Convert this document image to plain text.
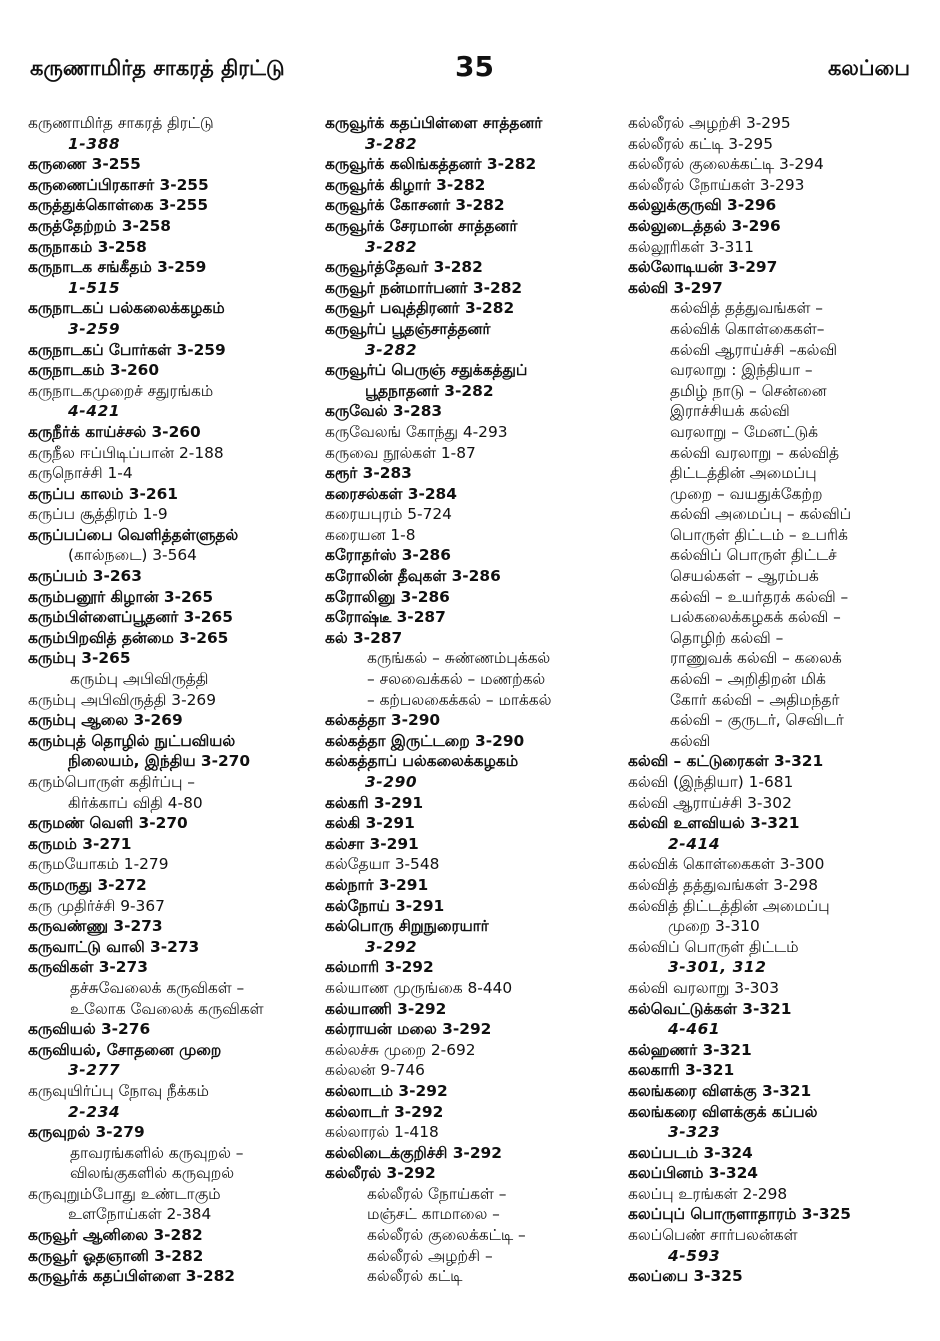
கருணாமிர்த சாகரத் திரட்டு	35	கலப்பை
கருணாமிர்த சாகரத் திரட்டு
1-388
கருணை 3-255
கருணைப்பிரகாசர் 3-255
கருத்துக்கொள்கை 3-255
கருத்தேற்றம் 3-258
கருநாகம் 3-258
கருநாடக சங்கீதம் 3-259
1-515
கருநாடகப் பல்கலைக்கழகம்
3-259
கருநாடகப் போர்கள் 3-259
கருநாடகம் 3-260
கருநாடகமுறைச் சதுரங்கம்
4-421
கருநீர்க் காய்ச்சல் 3-260
கருநீல ஈப்பிடிப்பான் 2-188
கருநொச்சி 1-4
கருப்ப காலம் 3-261
கருப்ப சூத்திரம் 1-9
கருப்பப்பை வெளித்தள்ளுதல்
(கால்நடை) 3-564
கருப்பம் 3-263
கரும்பனூர் கிழான் 3-265
கரும்பிள்ளைப்பூதனர் 3-265
கரும்பிறவித் தன்மை 3-265
கரும்பு 3-265
கரும்பு அபிவிருத்தி
கரும்பு அபிவிருத்தி 3-269
கரும்பு ஆலை 3-269
கரும்புத் தொழில் நுட்பவியல்
நிலையம், இந்திய 3-270
கரும்பொருள் கதிர்ப்பு –
கிர்க்காப் விதி 4-80
கருமண் வெளி 3-270
கருமம் 3-271
கருமயோகம் 1-279
கருமருது 3-272
கரு முதிர்ச்சி 9-367
கருவண்ணு 3-273
கருவாட்டு வாலி 3-273
கருவிகள் 3-273
தச்சுவேலைக் கருவிகள் –
உலோக வேலைக் கருவிகள்
கருவியல் 3-276
கருவியல், சோதனை முறை
3-277
கருவுயிர்ப்பு நோவு நீக்கம்
2-234
கருவுறல் 3-279
தாவரங்களில் கருவுறல் –
விலங்குகளில் கருவுறல்
கருவுறும்போது உண்டாகும்
உளநோய்கள் 2-384
கருவூர் ஆனிலை 3-282
கருவூர் ஓதஞானி 3-282
கருவூர்க் கதப்பிள்ளை 3-282
கருவூர்க் கதப்பிள்ளை சாத்தனர்
3-282
கருவூர்க் கலிங்கத்தனர் 3-282
கருவூர்க் கிழார் 3-282
கருவூர்க் கோசனர் 3-282
கருவூர்க் சேரமான் சாத்தனர்
3-282
கருவூர்த்தேவர் 3-282
கருவூர் நன்மார்பனர் 3-282
கருவூர் பவுத்திரனர் 3-282
கருவூர்ப் பூதஞ்சாத்தனர்
3-282
கருவூர்ப் பெருஞ் சதுக்கத்துப்
பூதநாதனர் 3-282
கருவேல் 3-283
கருவேலங் கோந்து 4-293
கருவை நூல்கள் 1-87
கரூர் 3-283
கரைசல்கள் 3-284
கரையபுரம் 5-724
கரையன 1-8
கரோதர்ஸ் 3-286
கரோலின் தீவுகள் 3-286
கரோலினு 3-286
கரோஷ்டீ 3-287
கல் 3-287
கருங்கல் – சுண்ணம்புக்கல்
– சலவைக்கல் – மணற்கல்
– கற்பலகைக்கல் – மாக்கல்
கல்கத்தா 3-290
கல்கத்தா இருட்டறை 3-290
கல்கத்தாப் பல்கலைக்கழகம்
3-290
கல்கரி 3-291
கல்கி 3-291
கல்சா 3-291
கல்தேயா 3-548
கல்நார் 3-291
கல்நோய் 3-291
கல்பொரு சிறுநுரையார்
3-292
கல்மாரி 3-292
கல்யாண முருங்கை 8-440
கல்யாணி 3-292
கல்ராயன் மலை 3-292
கல்லச்சு முறை 2-692
கல்லன் 9-746
கல்லாடம் 3-292
கல்லாடர் 3-292
கல்லாரல் 1-418
கல்லிடைக்குறிச்சி 3-292
கல்லீரல் 3-292
கல்லீரல் நோய்கள் –
மஞ்சட் காமாலை –
கல்லீரல் குலைக்கட்டி –
கல்லீரல் அழற்சி –
கல்லீரல் கட்டி
கல்லீரல் அழற்சி 3-295
கல்லீரல் கட்டி 3-295
கல்லீரல் குலைக்கட்டி 3-294
கல்லீரல் நோய்கள் 3-293
கல்லுக்குருவி 3-296
கல்லுடைத்தல் 3-296
கல்லூரிகள் 3-311
கல்லோடியன் 3-297
கல்வி 3-297
கல்வித் தத்துவங்கள் –
கல்விக் கொள்கைகள்–
கல்வி ஆராய்ச்சி –கல்வி
வரலாறு : இந்தியா –
தமிழ் நாடு – சென்னை
இராச்சியக் கல்வி
வரலாறு – மேனட்டுக்
கல்வி வரலாறு – கல்வித்
திட்டத்தின் அமைப்பு
முறை – வயதுக்கேற்ற
கல்வி அமைப்பு – கல்விப்
பொருள் திட்டம் – உபரிக்
கல்விப் பொருள் திட்டச்
செயல்கள் – ஆரம்பக்
கல்வி – உயர்தரக் கல்வி –
பல்கலைக்கழகக் கல்வி –
தொழிற் கல்வி –
ராணுவக் கல்வி – கலைக்
கல்வி – அறிதிறன் மிக்
கோர் கல்வி – அதிமந்தர்
கல்வி – குருடர், செவிடர்
கல்வி
கல்வி – கட்டுரைகள் 3-321
கல்வி (இந்தியா) 1-681
கல்வி ஆராய்ச்சி 3-302
கல்வி உளவியல் 3-321
2-414
கல்விக் கொள்கைகள் 3-300
கல்வித் தத்துவங்கள் 3-298
கல்வித் திட்டத்தின் அமைப்பு
முறை 3-310
கல்விப் பொருள் திட்டம்
3-301, 312
கல்வி வரலாறு 3-303
கல்வெட்டுக்கள் 3-321
4-461
கல்ஹணர் 3-321
கலகாரி 3-321
கலங்கரை விளக்கு 3-321
கலங்கரை விளக்குக் கப்பல்
3-323
கலப்படம் 3-324
கலப்பினம் 3-324
கலப்பு உரங்கள் 2-298
கலப்புப் பொருளாதாரம் 3-325
கலப்பெண் சார்பலன்கள்
4-593
கலப்பை 3-325
